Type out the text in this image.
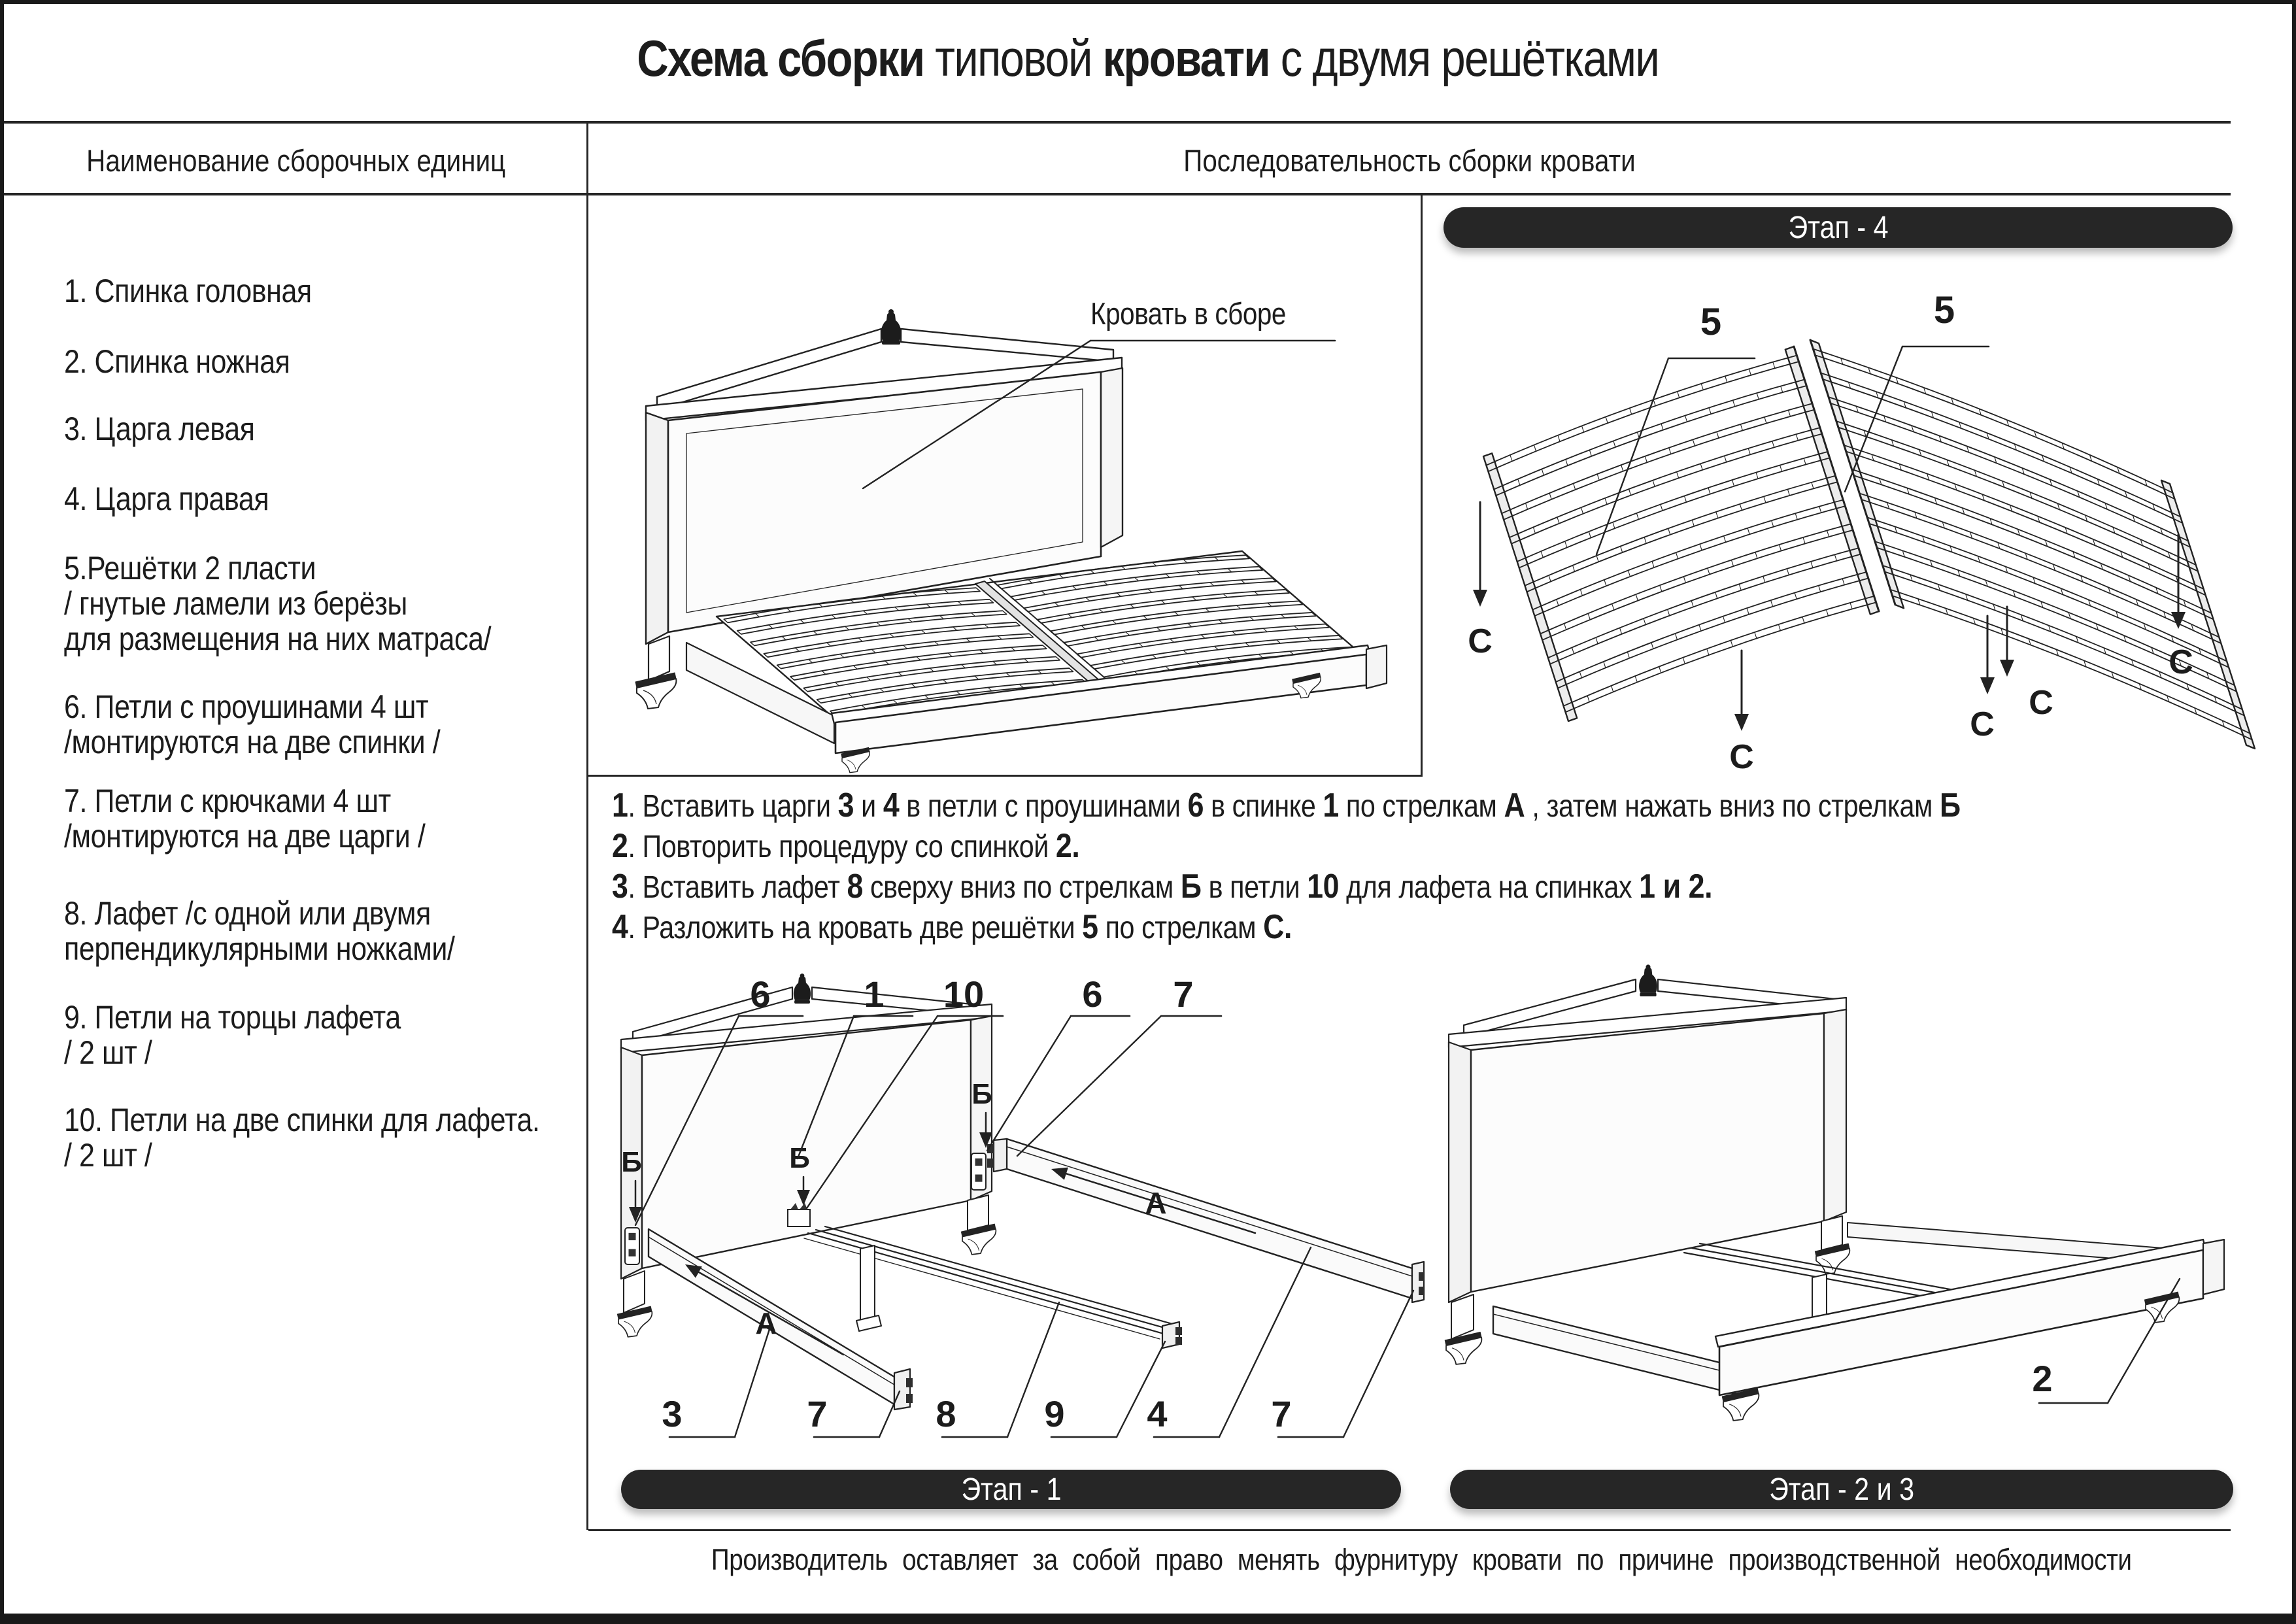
Схема сборки типовой кровати с двумя решётками
Наименование сборочных единиц	Последовательность сборки кровати
1. Спинка головная
2. Спинка ножная
3. Царга левая
4. Царга правая
5.Решётки 2 пласти
/ гнутые ламели из берёзы
для размещения на них матраса/
6. Петли с проушинами 4 шт
/монтируются на две спинки /
7. Петли с крючками 4 шт
/монтируются на две царги /
8. Лафет /с одной или двумя
перпендикулярными ножками/
9. Петли на торцы лафета
/ 2 шт /
10. Петли на две спинки для лафета.
/ 2 шт /
Кровать в сборе
Этап - 4
5	5
С
С
С
С
С
1. Вставить царги 3 и 4 в петли с проушинами 6 в спинке 1 по стрелкам А , затем нажать вниз по стрелкам Б
2. Повторить процедуру со спинкой 2.
3. Вставить лафет 8 сверху вниз по стрелкам Б в петли 10 для лафета на спинках 1 и 2.
4. Разложить на кровать две решётки 5 по стрелкам С.
Б	Б
Б
А
А
6	1 10	6 7
3	7	8 9 4	7
Этап - 1
2
Этап - 2 и 3
Производитель оставляет за собой право менять фурнитуру кровати по причине производственной необходимости
